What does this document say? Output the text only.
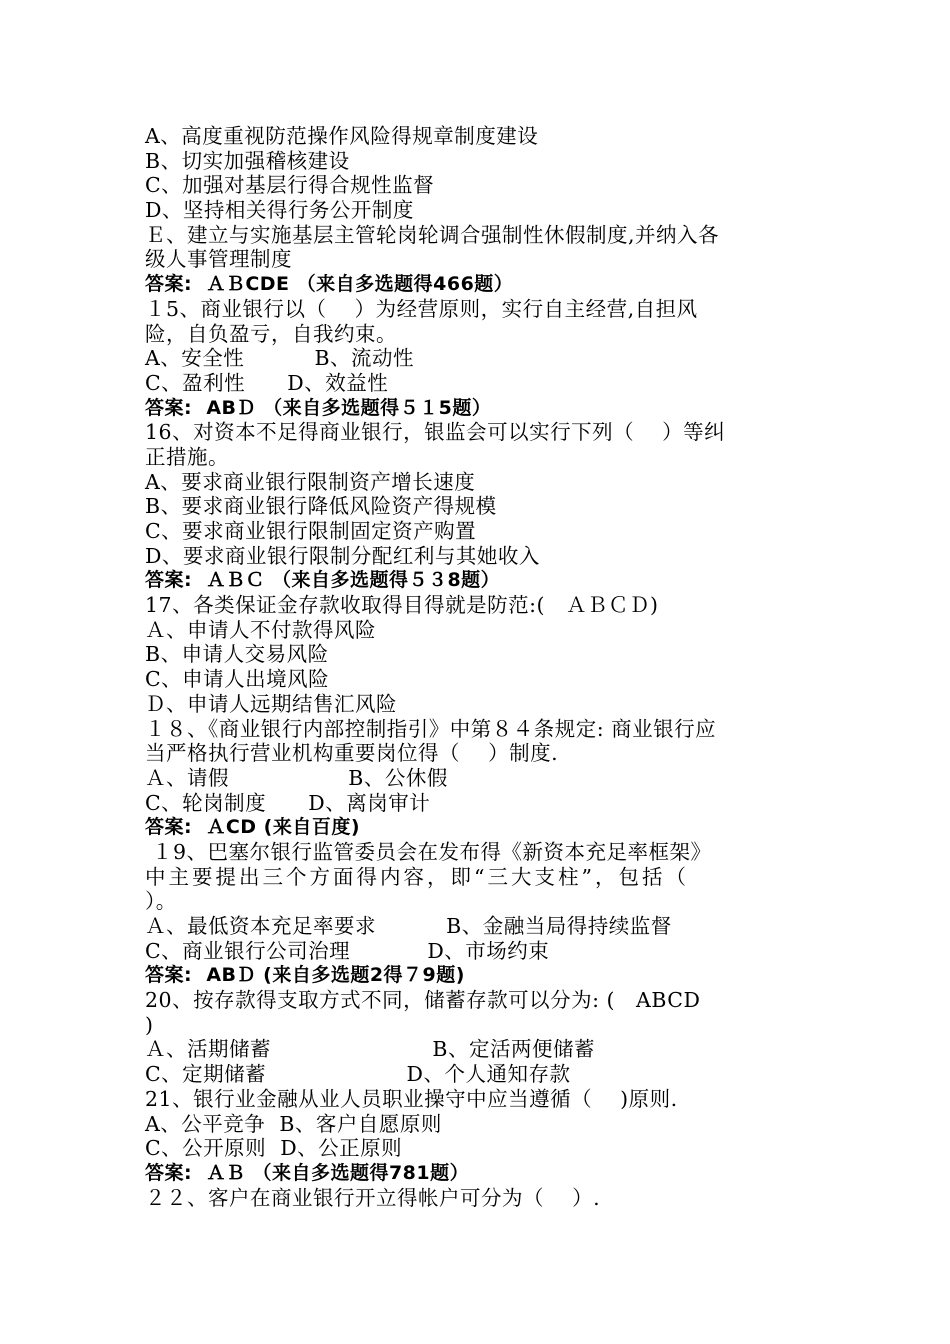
A、高度重视防范操作风险得规章制度建设
B、切实加强稽核建设
C、加强对基层行得合规性监督
D、坚持相关得行务公开制度
Ｅ、建立与实施基层主管轮岗轮调合强制性休假制度,并纳入各
级人事管理制度
答案:  ＡＢCDE （来自多选题得466题）
１5、商业银行以（    ）为经营原则，实行自主经营,自担风
险，自负盈亏，自我约束。
A、安全性          B、流动性
C、盈利性      D、效益性
答案:  ABＤ （来自多选题得５１5题）
16、对资本不足得商业银行，银监会可以实行下列（    ）等纠
正措施。
A、要求商业银行限制资产增长速度
B、要求商业银行降低风险资产得规模
C、要求商业银行限制固定资产购置
D、要求商业银行限制分配红利与其她收入
答案:  ＡＢＣ （来自多选题得５３8题）
17、各类保证金存款收取得目得就是防范:(   ＡＢＣＤ)
Ａ、申请人不付款得风险
B、申请人交易风险
C、申请人出境风险
Ｄ、申请人远期结售汇风险
１８、《商业银行内部控制指引》中第８４条规定: 商业银行应
当严格执行营业机构重要岗位得（    ）制度.
Ａ、请假                 B、公休假
C、轮岗制度      D、离岗审计
答案:  ＡCD (来自百度)
１9、巴塞尔银行监管委员会在发布得《新资本充足率框架》
中主要提出三个方面得内容，即“三大支柱”，包括（
）。
Ａ、最低资本充足率要求          B、金融当局得持续监督
C、商业银行公司治理           D、市场约束
答案:  ABＤ (来自多选题2得７9题)
20、按存款得支取方式不同，储蓄存款可以分为: (   ABCD
)
Ａ、活期储蓄                       B、定活两便储蓄
C、定期储蓄                    D、个人通知存款
21、银行业金融从业人员职业操守中应当遵循（    )原则.
A、公平竞争  B、客户自愿原则
C、公开原则  D、公正原则
答案:  ＡＢ （来自多选题得781题）
２２、客户在商业银行开立得帐户可分为（    ）.
